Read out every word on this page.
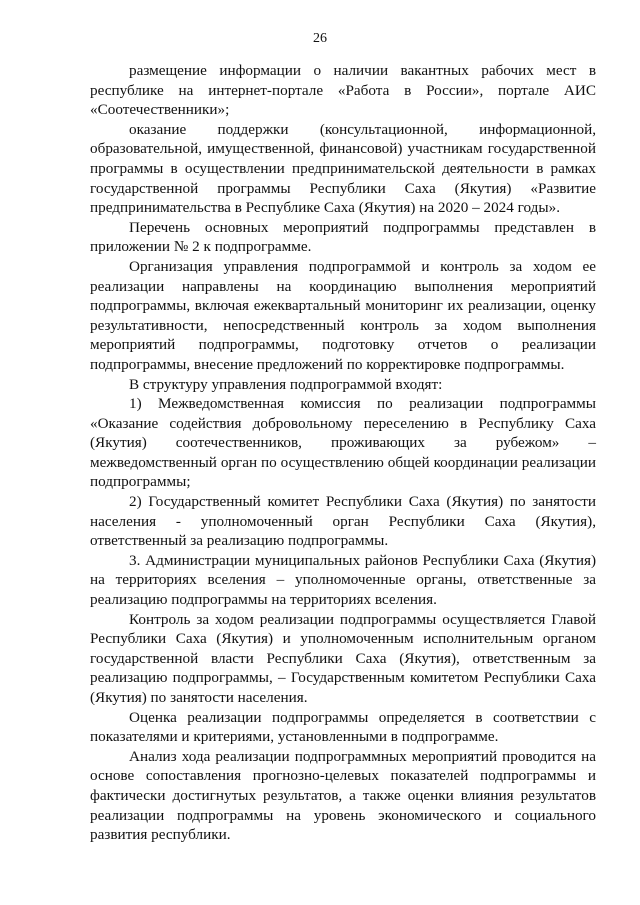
26

размещение информации о наличии вакантных рабочих мест в республике на интернет-портале «Работа в России», портале АИС «Соотечественники»;

оказание поддержки (консультационной, информационной, образовательной, имущественной, финансовой) участникам государственной программы в осуществлении предпринимательской деятельности в рамках государственной программы Республики Саха (Якутия) «Развитие предпринимательства в Республике Саха (Якутия) на 2020 – 2024 годы».

Перечень основных мероприятий подпрограммы представлен в приложении № 2 к подпрограмме.

Организация управления подпрограммой и контроль за ходом ее реализации направлены на координацию выполнения мероприятий подпрограммы, включая ежеквартальный мониторинг их реализации, оценку результативности, непосредственный контроль за ходом выполнения мероприятий подпрограммы, подготовку отчетов о реализации подпрограммы, внесение предложений по корректировке подпрограммы.

В структуру управления подпрограммой входят:

1) Межведомственная комиссия по реализации подпрограммы «Оказание содействия добровольному переселению в Республику Саха (Якутия) соотечественников, проживающих за рубежом» – межведомственный орган по осуществлению общей координации реализации подпрограммы;

2) Государственный комитет Республики Саха (Якутия) по занятости населения - уполномоченный орган Республики Саха (Якутия), ответственный за реализацию подпрограммы.

3. Администрации муниципальных районов Республики Саха (Якутия) на территориях вселения – уполномоченные органы, ответственные за реализацию подпрограммы на территориях вселения.

Контроль за ходом реализации подпрограммы осуществляется Главой Республики Саха (Якутия) и уполномоченным исполнительным органом государственной власти Республики Саха (Якутия), ответственным за реализацию подпрограммы, – Государственным комитетом Республики Саха (Якутия) по занятости населения.

Оценка реализации подпрограммы определяется в соответствии с показателями и критериями, установленными в подпрограмме.

Анализ хода реализации подпрограммных мероприятий проводится на основе сопоставления прогнозно-целевых показателей подпрограммы и фактически достигнутых результатов, а также оценки влияния результатов реализации подпрограммы на уровень экономического и социального развития республики.
